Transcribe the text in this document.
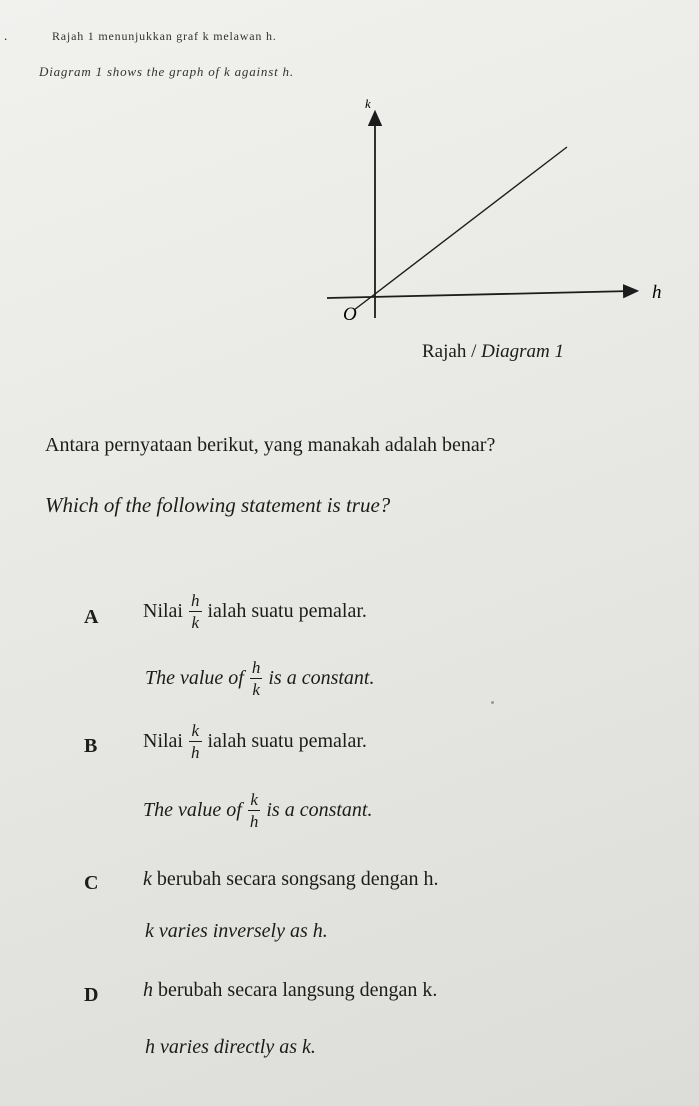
.	Rajah 1 menunjukkan graf k melawan h.
Diagram 1 shows the graph of k against h.
k
h
O
Rajah / Diagram 1
Antara pernyataan berikut, yang manakah adalah benar?
Which of the following statement is true?
A Nilai $\frac{h}{k}$ ialah suatu pemalar.
The value of $\frac{h}{k}$ is a constant.
B Nilai $\frac{k}{h}$ ialah suatu pemalar.
The value of $\frac{k}{h}$ is a constant.
C k
berubah secara songsang dengan h.
k varies inversely as h.
D h
berubah secara langsung dengan k.
h varies directly as k.
